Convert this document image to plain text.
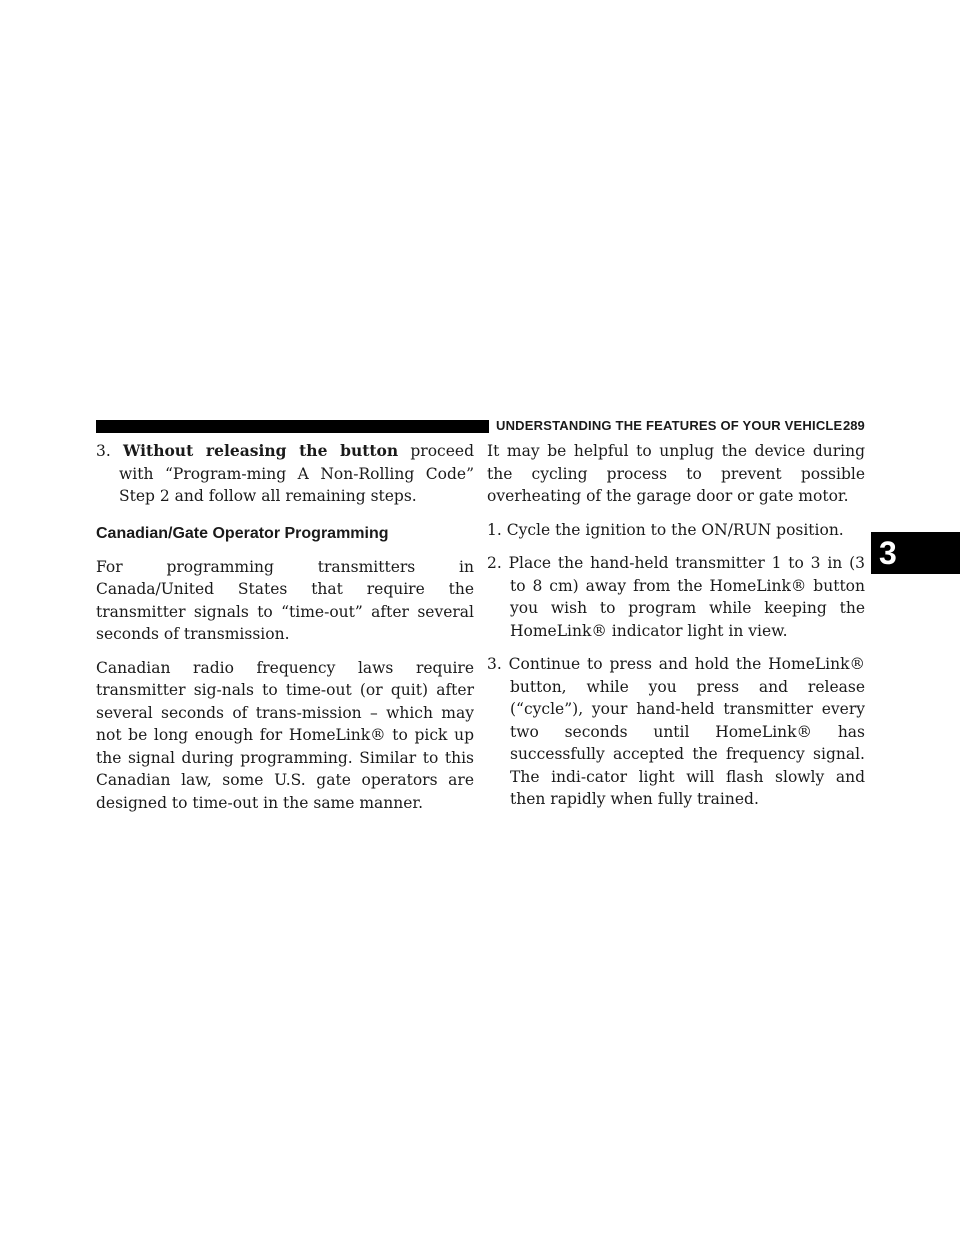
UNDERSTANDING THE FEATURES OF YOUR VEHICLE 289
3

3. Without releasing the button proceed with “Program-ming A Non-Rolling Code” Step 2 and follow all remaining steps.

Canadian/Gate Operator Programming

For programming transmitters in Canada/United States that require the transmitter signals to “time-out” after several seconds of transmission.

Canadian radio frequency laws require transmitter sig-nals to time-out (or quit) after several seconds of trans-mission – which may not be long enough for HomeLink® to pick up the signal during programming. Similar to this Canadian law, some U.S. gate operators are designed to time-out in the same manner.

It may be helpful to unplug the device during the cycling process to prevent possible overheating of the garage door or gate motor.

1. Cycle the ignition to the ON/RUN position.

2. Place the hand-held transmitter 1 to 3 in (3 to 8 cm) away from the HomeLink® button you wish to program while keeping the HomeLink® indicator light in view.

3. Continue to press and hold the HomeLink® button, while you press and release (“cycle”), your hand-held transmitter every two seconds until HomeLink® has successfully accepted the frequency signal. The indi-cator light will flash slowly and then rapidly when fully trained.
